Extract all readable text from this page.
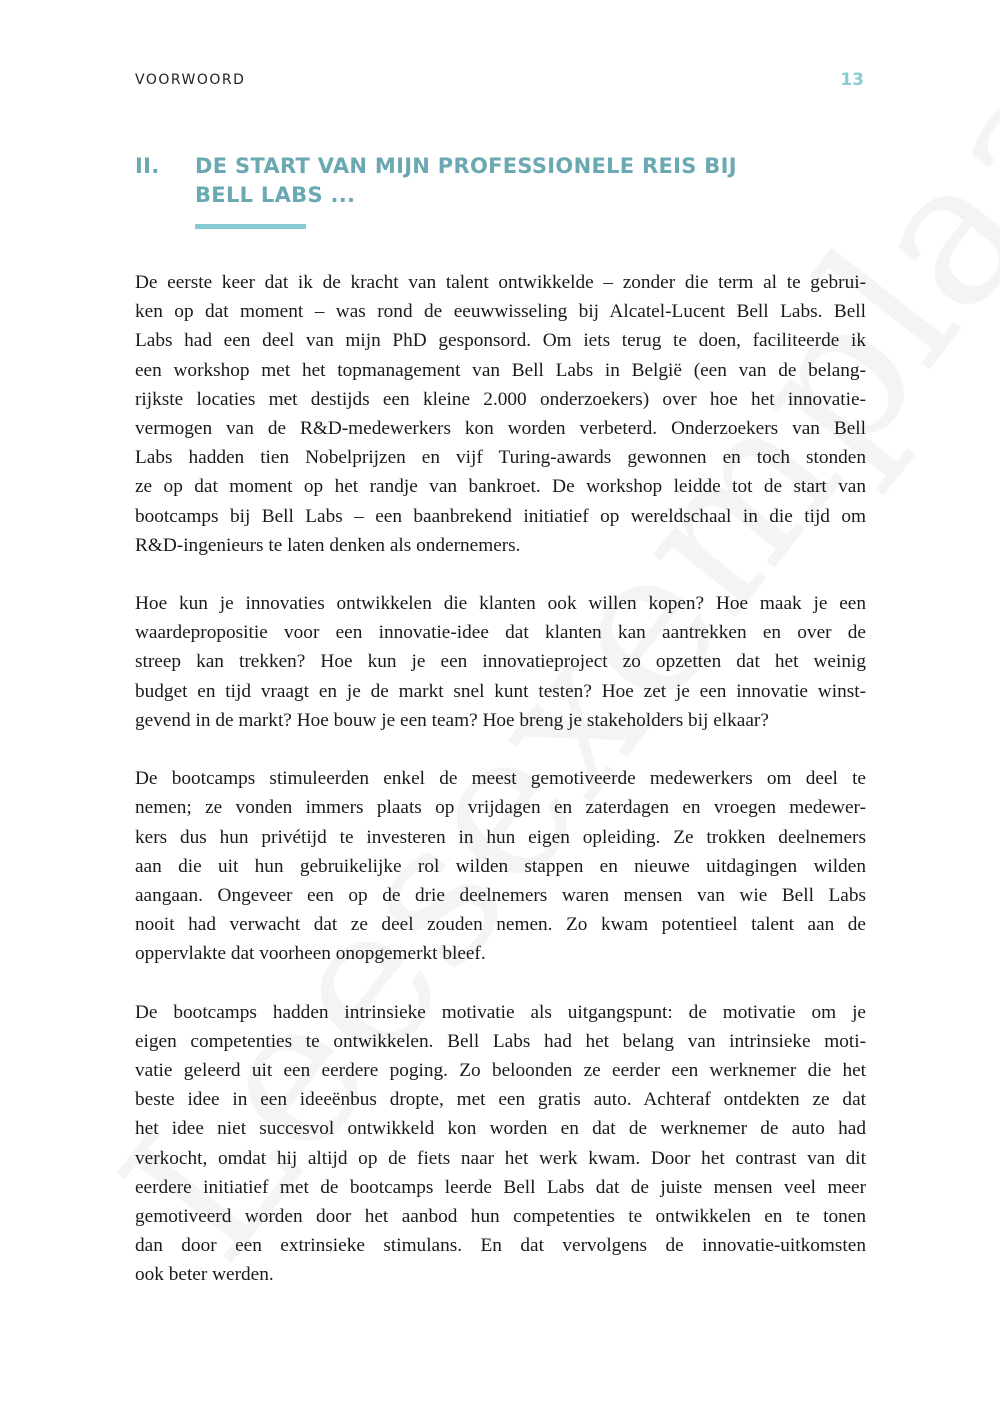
VOORWOORD	13
II. DE START VAN MIJN PROFESSIONELE REIS BIJ
BELL LABS ...
De eerste keer dat ik de kracht van talent ontwikkelde – zonder die term al te gebrui-
ken op dat moment – was rond de eeuwwisseling bij Alcatel-Lucent Bell Labs. Bell
Labs had een deel van mijn PhD gesponsord. Om iets terug te doen, faciliteerde ik
een workshop met het topmanagement van Bell Labs in België (een van de belang-
rijkste locaties met destijds een kleine 2.000 onderzoekers) over hoe het innovatie-
vermogen van de R&D-medewerkers kon worden verbeterd. Onderzoekers van Bell
Labs hadden tien Nobelprijzen en vijf Turing-awards gewonnen en toch stonden
ze op dat moment op het randje van bankroet. De workshop leidde tot de start van
bootcamps bij Bell Labs – een baanbrekend initiatief op wereldschaal in die tijd om
R&D-ingenieurs te laten denken als ondernemers.
Hoe kun je innovaties ontwikkelen die klanten ook willen kopen? Hoe maak je een
waardepropositie voor een innovatie-idee dat klanten kan aantrekken en over de
streep kan trekken? Hoe kun je een innovatieproject zo opzetten dat het weinig
budget en tijd vraagt en je de markt snel kunt testen? Hoe zet je een innovatie winst-
gevend in de markt? Hoe bouw je een team? Hoe breng je stakeholders bij elkaar?
De bootcamps stimuleerden enkel de meest gemotiveerde medewerkers om deel te
nemen; ze vonden immers plaats op vrijdagen en zaterdagen en vroegen medewer-
kers dus hun privétijd te investeren in hun eigen opleiding. Ze trokken deelnemers
aan die uit hun gebruikelijke rol wilden stappen en nieuwe uitdagingen wilden
aangaan. Ongeveer een op de drie deelnemers waren mensen van wie Bell Labs
nooit had verwacht dat ze deel zouden nemen. Zo kwam potentieel talent aan de
oppervlakte dat voorheen onopgemerkt bleef.
De bootcamps hadden intrinsieke motivatie als uitgangspunt: de motivatie om je
eigen competenties te ontwikkelen. Bell Labs had het belang van intrinsieke moti-
vatie geleerd uit een eerdere poging. Zo beloonden ze eerder een werknemer die het
beste idee in een ideeënbus dropte, met een gratis auto. Achteraf ontdekten ze dat
het idee niet succesvol ontwikkeld kon worden en dat de werknemer de auto had
verkocht, omdat hij altijd op de fiets naar het werk kwam. Door het contrast van dit
eerdere initiatief met de bootcamps leerde Bell Labs dat de juiste mensen veel meer
gemotiveerd worden door het aanbod hun competenties te ontwikkelen en te tonen
dan door een extrinsieke stimulans. En dat vervolgens de innovatie-uitkomsten
ook beter werden.
